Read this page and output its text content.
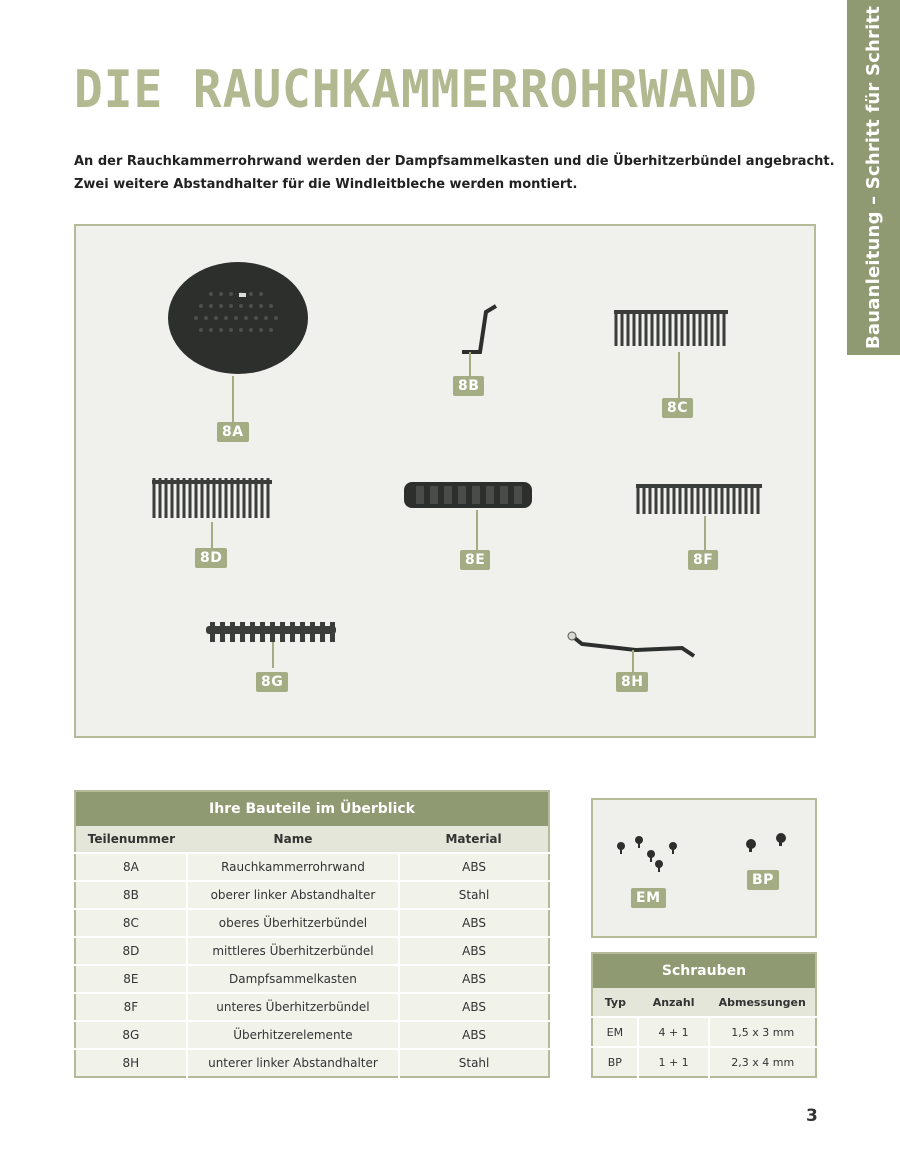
Bauanleitung – Schritt für Schritt
DIE RAUCHKAMMERROHRWAND

An der Rauchkammerrohrwand werden der Dampfsammelkasten und die Überhitzerbündel angebracht.

Zwei weitere Abstandhalter für die Windleitbleche werden montiert.

8A
8B
8C
8D	8E	8F
8G	8H
Ihre Bauteile im Überblick		
Teilenummer	Name	Material
8A	Rauchkammerrohrwand	ABS
8B	oberer linker Abstandhalter	Stahl
8C	oberes Überhitzerbündel	ABS
8D	mittleres Überhitzerbündel	ABS
8E	Dampfsammelkasten	ABS
8F	unteres Überhitzerbündel	ABS
8G	Überhitzerelemente	ABS
8H	unterer linker Abstandhalter	Stahl
EM
BP
Schrauben		
Typ	Anzahl	Abmessungen
EM	4 + 1	1,5 x 3 mm
BP	1 + 1	2,3 x 4 mm
3
